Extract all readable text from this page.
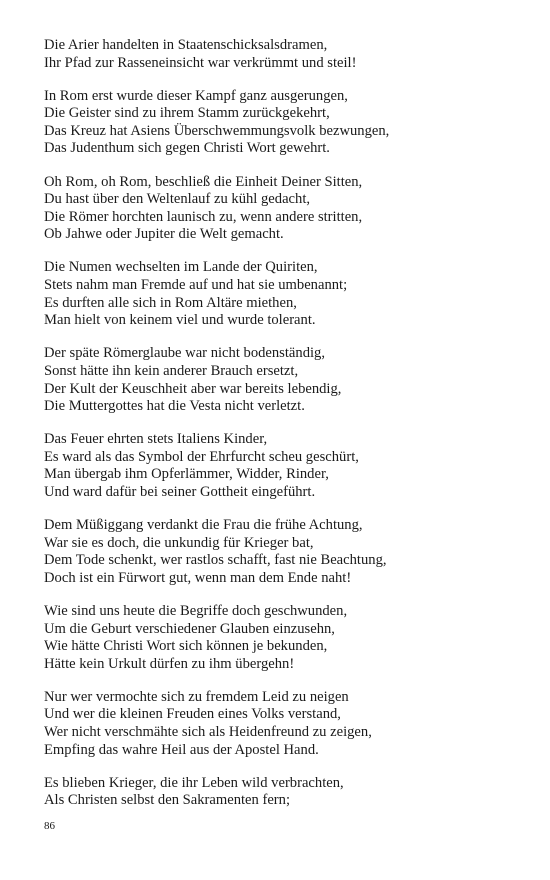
Die Arier handelten in Staatenschicksalsdramen,
Ihr Pfad zur Rasseneinsicht war verkrümmt und steil!
In Rom erst wurde dieser Kampf ganz ausgerungen,
Die Geister sind zu ihrem Stamm zurückgekehrt,
Das Kreuz hat Asiens Überschwemmungsvolk bezwungen,
Das Judenthum sich gegen Christi Wort gewehrt.
Oh Rom, oh Rom, beschließ die Einheit Deiner Sitten,
Du hast über den Weltenlauf zu kühl gedacht,
Die Römer horchten launisch zu, wenn andere stritten,
Ob Jahwe oder Jupiter die Welt gemacht.
Die Numen wechselten im Lande der Quiriten,
Stets nahm man Fremde auf und hat sie umbenannt;
Es durften alle sich in Rom Altäre miethen,
Man hielt von keinem viel und wurde tolerant.
Der späte Römerglaube war nicht bodenständig,
Sonst hätte ihn kein anderer Brauch ersetzt,
Der Kult der Keuschheit aber war bereits lebendig,
Die Muttergottes hat die Vesta nicht verletzt.
Das Feuer ehrten stets Italiens Kinder,
Es ward als das Symbol der Ehrfurcht scheu geschürt,
Man übergab ihm Opferlämmer, Widder, Rinder,
Und ward dafür bei seiner Gottheit eingeführt.
Dem Müßiggang verdankt die Frau die frühe Achtung,
War sie es doch, die unkundig für Krieger bat,
Dem Tode schenkt, wer rastlos schafft, fast nie Beachtung,
Doch ist ein Fürwort gut, wenn man dem Ende naht!
Wie sind uns heute die Begriffe doch geschwunden,
Um die Geburt verschiedener Glauben einzusehn,
Wie hätte Christi Wort sich können je bekunden,
Hätte kein Urkult dürfen zu ihm übergehn!
Nur wer vermochte sich zu fremdem Leid zu neigen
Und wer die kleinen Freuden eines Volks verstand,
Wer nicht verschmähte sich als Heidenfreund zu zeigen,
Empfing das wahre Heil aus der Apostel Hand.
Es blieben Krieger, die ihr Leben wild verbrachten,
Als Christen selbst den Sakramenten fern;
86
